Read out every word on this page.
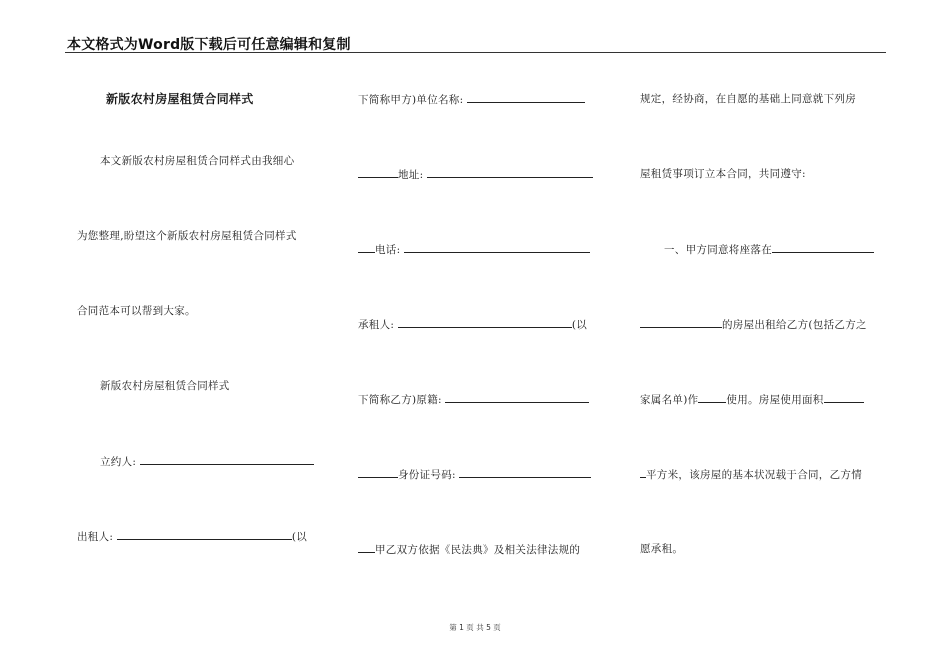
本文格式为Word版下载后可任意编辑和复制
新版农村房屋租赁合同样式
本文新版农村房屋租赁合同样式由我细心
为您整理,盼望这个新版农村房屋租赁合同样式
合同范本可以帮到大家。
新版农村房屋租赁合同样式
立约人:
出租人:	(以
下简称甲方)单位名称:
地址:
电话:
承租人:	(以
下简称乙方)原籍:
身份证号码:
甲乙双方依据《民法典》及相关法律法规的
规定，经协商，在自愿的基础上同意就下列房
屋租赁事项订立本合同，共同遵守:
一、甲方同意将座落在
的房屋出租给乙方(包括乙方之
家属名单)作	使用。房屋使用面积
平方米，该房屋的基本状况载于合同，乙方情
愿承租。
第 1 页 共 5 页
